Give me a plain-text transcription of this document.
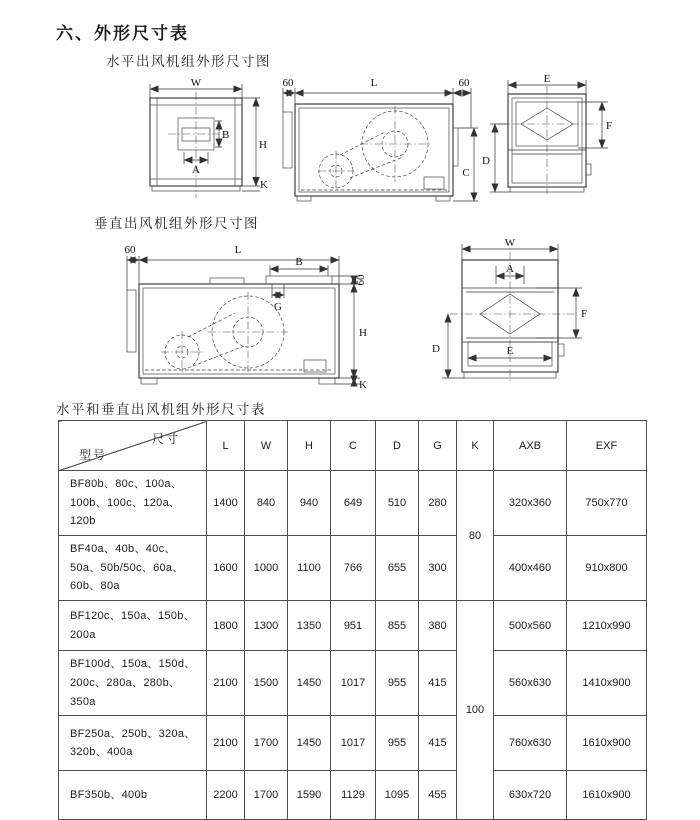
六、外形尺寸表
水平出风机组外形尺寸图
W
B
A
H
K
60	L	60
C
E
F
D
垂直出风机组外形尺寸图
60	L
B
60
H
K
G
W
A
E
F
D
水平和垂直出风机组外形尺寸表
尺寸
型号	L	W	H	C	D	G	K	AXB	EXF
BF80b、80c、100a、100b、100c、120a、120b	1400	840	940	649	510	280	80	320x360	750x770
BF40a、40b、40c、50a、50b/50c、60a、60b、80a	1600	1000	1100	766	655	300		400x460	910x800
BF120c、150a、150b、200a	1800	1300	1350	951	855	380	100	500x560	1210x990
BF100d、150a、150d、200c、280a、280b、350a	2100	1500	1450	1017	955	415		560x630	1410x900
BF250a、250b、320a、320b、400a	2100	1700	1450	1017	955	415		760x630	1610x900
BF350b、400b	2200	1700	1590	1129	1095	455		630x720	1610x900
